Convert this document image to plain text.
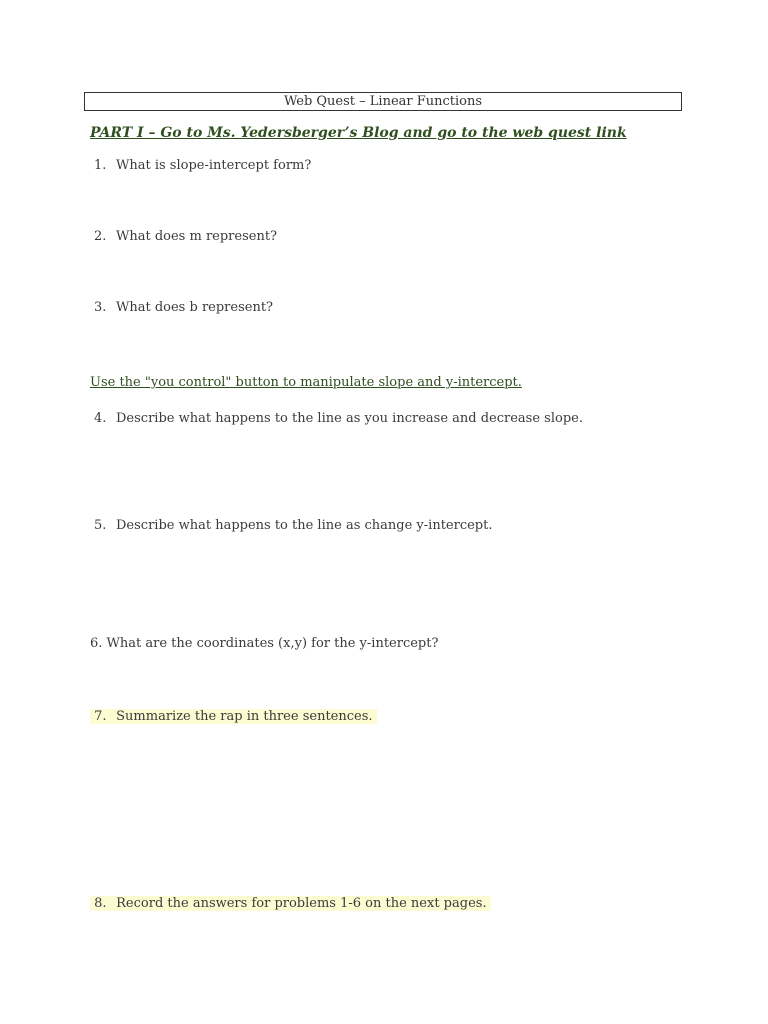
Web Quest – Linear Functions
PART I – Go to Ms. Yedersberger’s Blog and go to the web quest link
1. What is slope-intercept form?
2. What does m represent?
3. What does b represent?
Use the "you control" button to manipulate slope and y-intercept.
4. Describe what happens to the line as you increase and decrease slope.
5. Describe what happens to the line as change y-intercept.
6. What are the coordinates (x,y) for the y-intercept?
7. Summarize the rap in three sentences.
8. Record the answers for problems 1-6 on the next pages.
